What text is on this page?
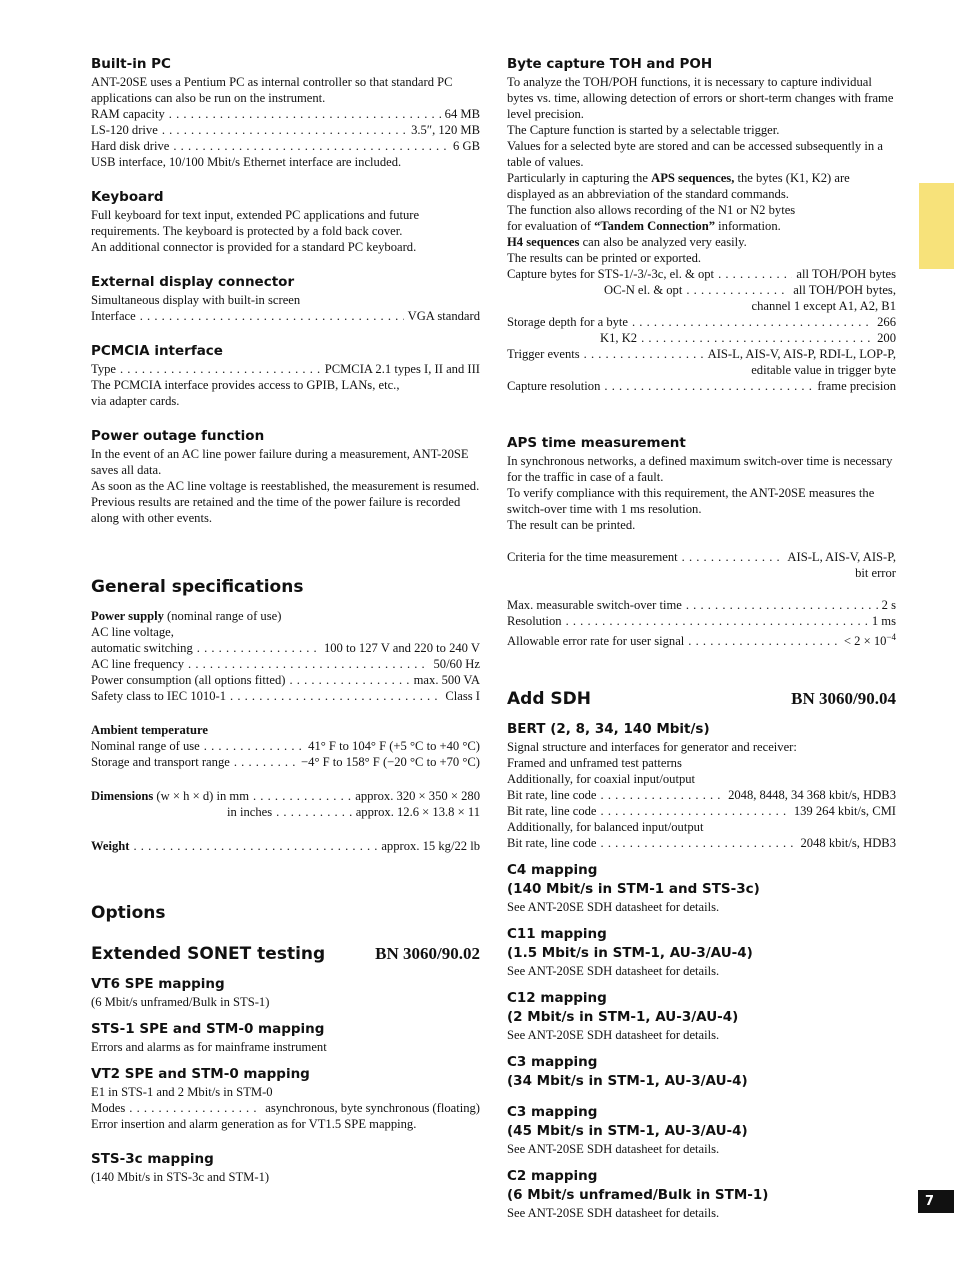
Built-in PC

ANT-20SE uses a Pentium PC as internal controller so that standard PC applications can also be run on the instrument.

RAM capacity . . .	64 MB
LS-120 drive . . .	3.5″, 120 MB
Hard disk drive . . .	6 GB

USB interface, 10/100 Mbit/s Ethernet interface are included.

Keyboard

Full keyboard for text input, extended PC applications and future requirements. The keyboard is protected by a fold back cover.

An additional connector is provided for a standard PC keyboard.

External display connector

Simultaneous display with built-in screen

Interface . . .	VGA standard
PCMCIA interface
Type . . .	PCMCIA 2.1 types I, II and III

The PCMCIA interface provides access to GPIB, LANs, etc.,

via adapter cards.

Power outage function

In the event of an AC line power failure during a measurement, ANT-20SE saves all data.

As soon as the AC line voltage is reestablished, the measurement is resumed. Previous results are retained and the time of the power failure is recorded along with other events.

General specifications

Power supply (nominal range of use)

AC line voltage,

automatic switching . . .	100 to 127 V and 220 to 240 V
AC line frequency . . .	50/60 Hz
Power consumption (all options fitted) . . .	max. 500 VA
Safety class to IEC 1010-1 . . .	Class I

Ambient temperature

Nominal range of use . . .	41° F to 104° F (+5 °C to +40 °C)
Storage and transport range . . .	−4° F to 158° F (−20 °C to +70 °C)
Dimensions (w × h × d) in mm . . .	approx. 320 × 350 × 280
in inches . . .	approx. 12.6 × 13.8 × 11
Weight . . .	approx. 15 kg/22 lb
Options
Extended SONET testing	BN 3060/90.02
VT6 SPE mapping

(6 Mbit/s unframed/Bulk in STS-1)

STS-1 SPE and STM-0 mapping

Errors and alarms as for mainframe instrument

VT2 SPE and STM-0 mapping

E1 in STS-1 and 2 Mbit/s in STM-0

Modes . . .	asynchronous, byte synchronous (floating)

Error insertion and alarm generation as for VT1.5 SPE mapping.

STS-3c mapping

(140 Mbit/s in STS-3c and STM-1)

Byte capture TOH and POH

To analyze the TOH/POH functions, it is necessary to capture individual bytes vs. time, allowing detection of errors or short-term changes with frame level precision.

The Capture function is started by a selectable trigger.

Values for a selected byte are stored and can be accessed subsequently in a table of values.

Particularly in capturing the APS sequences, the bytes (K1, K2) are displayed as an abbreviation of the standard commands.

The function also allows recording of the N1 or N2 bytes

for evaluation of “Tandem Connection” information.

H4 sequences can also be analyzed very easily.

The results can be printed or exported.

Capture bytes for STS-1/-3/-3c, el. & opt . . .	all TOH/POH bytes
OC-N el. & opt . . .	all TOH/POH bytes,

channel 1 except A1, A2, B1

Storage depth for a byte . . .	266
K1, K2 . . .	200
Trigger events . . .	AIS-L, AIS-V, AIS-P, RDI-L, LOP-P,

editable value in trigger byte

Capture resolution . . .	frame precision
APS time measurement

In synchronous networks, a defined maximum switch-over time is necessary for the traffic in case of a fault.

To verify compliance with this requirement, the ANT-20SE measures the switch-over time with 1 ms resolution.

The result can be printed.

Criteria for the time measurement . . .	AIS-L, AIS-V, AIS-P,

bit error

Max. measurable switch-over time . . .	2 s
Resolution . . .	1 ms
Allowable error rate for user signal . . .	< $2 \times 10^{-4}$
Add SDH	BN 3060/90.04
BERT (2, 8, 34, 140 Mbit/s)

Signal structure and interfaces for generator and receiver:

Framed and unframed test patterns

Additionally, for coaxial input/output

Bit rate, line code . . .	2048, 8448, 34 368 kbit/s, HDB3
Bit rate, line code . . .	139 264 kbit/s, CMI

Additionally, for balanced input/output

Bit rate, line code . . .	2048 kbit/s, HDB3
C4 mapping
(140 Mbit/s in STM-1 and STS-3c)

See ANT-20SE SDH datasheet for details.

C11 mapping
(1.5 Mbit/s in STM-1, AU-3/AU-4)

See ANT-20SE SDH datasheet for details.

C12 mapping
(2 Mbit/s in STM-1, AU-3/AU-4)

See ANT-20SE SDH datasheet for details.

C3 mapping
(34 Mbit/s in STM-1, AU-3/AU-4)
C3 mapping
(45 Mbit/s in STM-1, AU-3/AU-4)

See ANT-20SE SDH datasheet for details.

C2 mapping
(6 Mbit/s unframed/Bulk in STM-1)

See ANT-20SE SDH datasheet for details.

7
